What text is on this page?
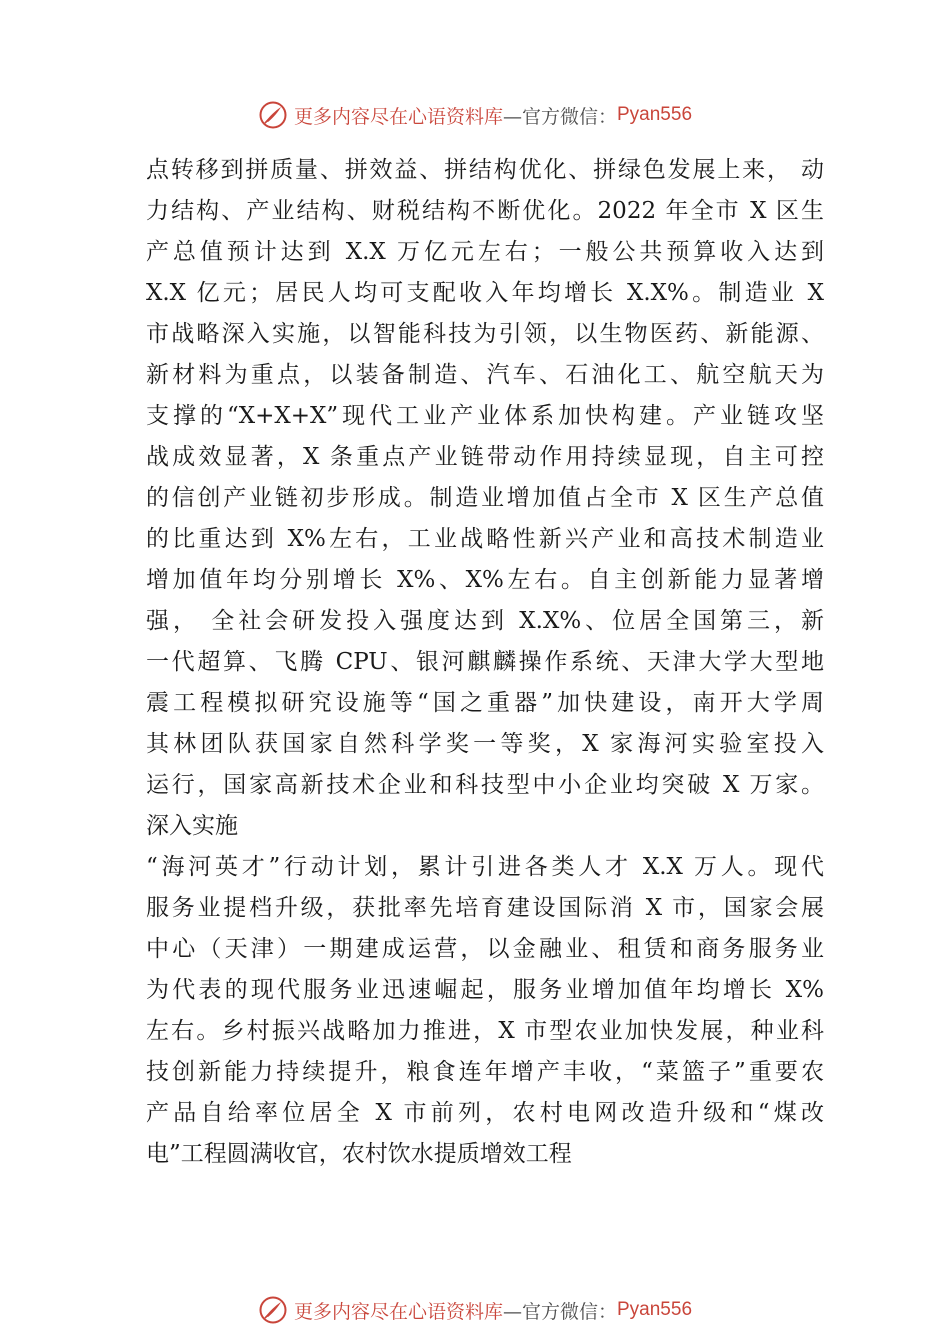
更多内容尽在心语资料库 —官方微信： Pyan556
点转移到拼质量、拼效益、拼结构优化、拼绿色发展上来， 动
力结构、产业结构、财税结构不断优化。2022 年全市 X 区生
产总值预计达到 X.X 万亿元左右；一般公共预算收入达到
X.X 亿元；居民人均可支配收入年均增长 X.X%。制造业 X
市战略深入实施，以智能科技为引领，以生物医药、新能源、
新材料为重点，以装备制造、汽车、石油化工、航空航天为
支撑的“X+X+X”现代工业产业体系加快构建。产业链攻坚
战成效显著，X 条重点产业链带动作用持续显现，自主可控
的信创产业链初步形成。制造业增加值占全市 X 区生产总值
的比重达到 X%左右，工业战略性新兴产业和高技术制造业
增加值年均分别增长 X%、X%左右。自主创新能力显著增
强， 全社会研发投入强度达到 X.X%、位居全国第三，新
一代超算、飞腾 CPU、银河麒麟操作系统、天津大学大型地
震工程模拟研究设施等“国之重器”加快建设，南开大学周
其林团队获国家自然科学奖一等奖，X 家海河实验室投入
运行，国家高新技术企业和科技型中小企业均突破 X 万家。
深入实施
“海河英才”行动计划，累计引进各类人才 X.X 万人。现代
服务业提档升级，获批率先培育建设国际消 X 市，国家会展
中心（天津）一期建成运营，以金融业、租赁和商务服务业
为代表的现代服务业迅速崛起，服务业增加值年均增长 X%
左右。乡村振兴战略加力推进，X 市型农业加快发展，种业科
技创新能力持续提升，粮食连年增产丰收，“菜篮子”重要农
产品自给率位居全 X 市前列，农村电网改造升级和“煤改
电”工程圆满收官，农村饮水提质增效工程
更多内容尽在心语资料库 —官方微信： Pyan556
